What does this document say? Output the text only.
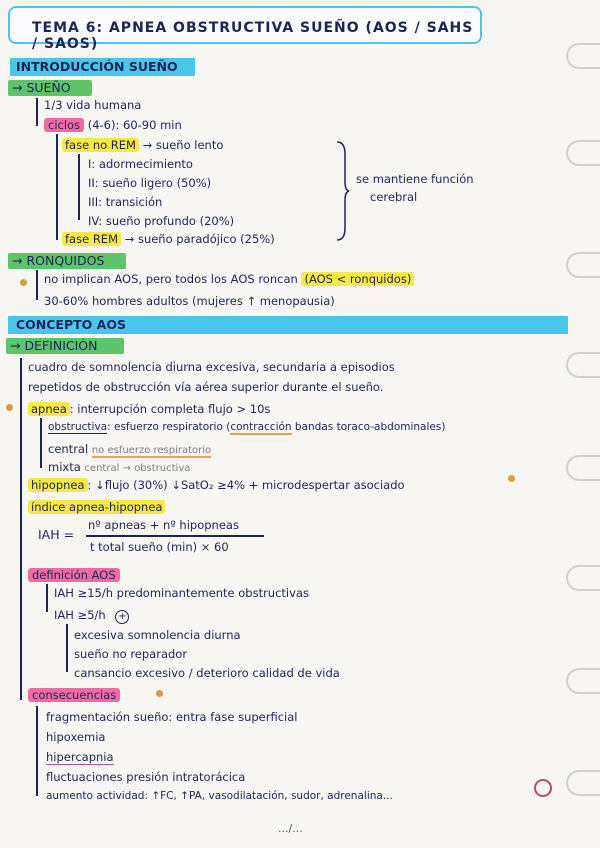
TEMA 6: APNEA OBSTRUCTIVA SUEÑO (AOS / SAHS / SAOS)
INTRODUCCIÓN SUEÑO
→ SUEÑO
1/3 vida humana
ciclos (4-6): 60-90 min
fase no REM → sueño lento
I: adormecimiento
II: sueño ligero (50%)
III: transición
IV: sueño profundo (20%)
fase REM → sueño paradójico (25%)
se mantiene función
cerebral
→ RONQUIDOS
no implican AOS, pero todos los AOS roncan (AOS < ronquidos)
30-60% hombres adultos (mujeres ↑ menopausia)
CONCEPTO AOS
→ DEFINICIÓN
cuadro de somnolencia diurna excesiva, secundaria a episodios
repetidos de obstrucción vía aérea superior durante el sueño.
apnea : interrupción completa flujo > 10s
obstructiva: esfuerzo respiratorio (contracción bandas toraco-abdominales)
central no esfuerzo respiratorio
mixta central → obstructiva
hipopnea : ↓flujo (30%) ↓SatO₂ ≥4% + microdespertar asociado
índice apnea-hipopnea
IAH =
nº apneas + nº hipopneas
t total sueño (min) × 60
definición AOS
IAH ≥15/h predominantemente obstructivas
IAH ≥5/h +
excesiva somnolencia diurna
sueño no reparador
cansancio excesivo / deterioro calidad de vida
consecuencias
fragmentación sueño: entra fase superficial
hipoxemia
hipercapnia
fluctuaciones presión intratorácica
aumento actividad: ↑FC, ↑PA, vasodilatación, sudor, adrenalina...
.../...
